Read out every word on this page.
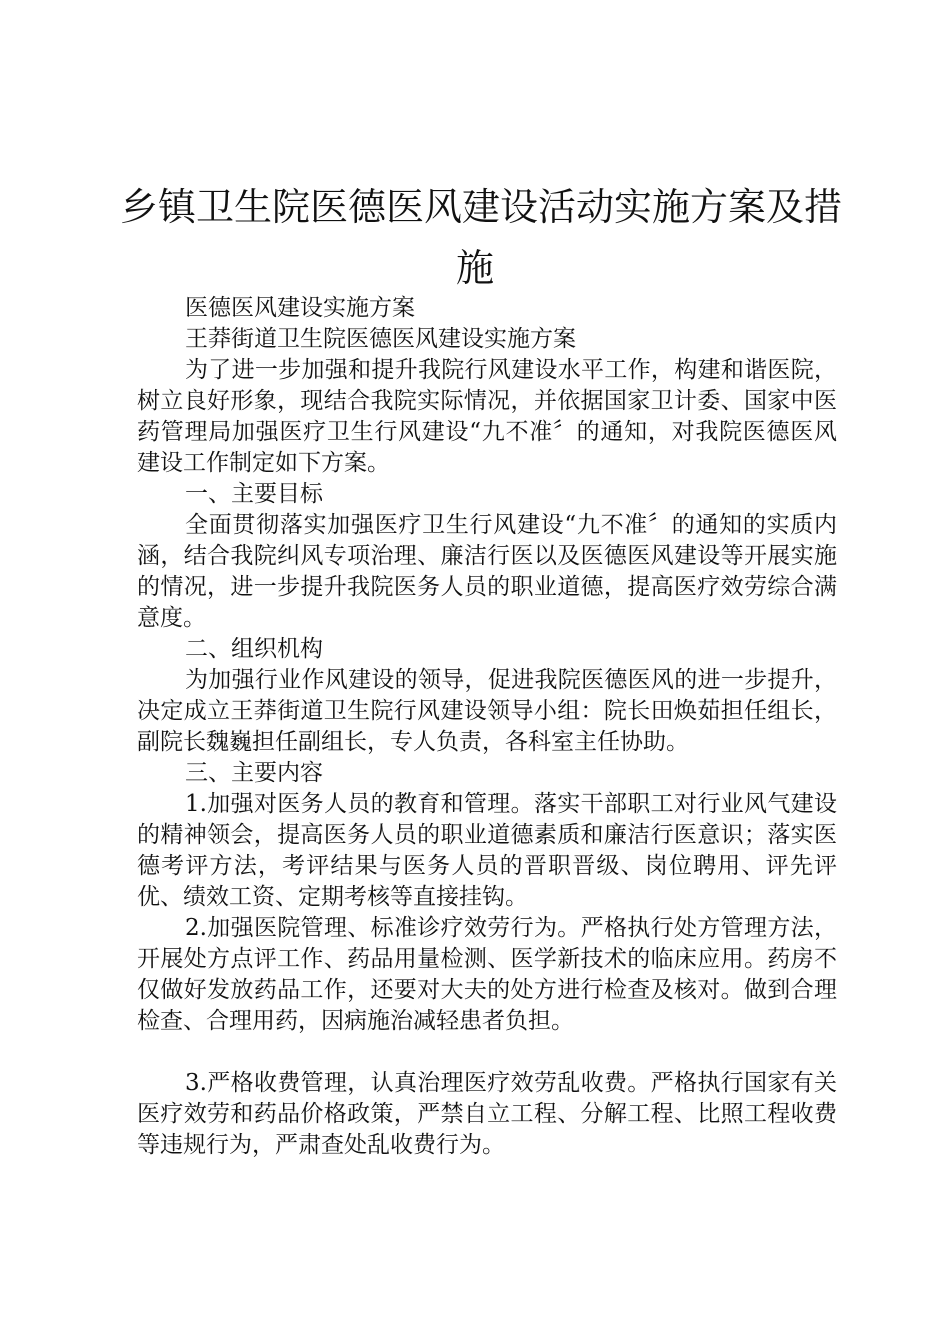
乡镇卫生院医德医风建设活动实施方案及措
施

医德医风建设实施方案

王莽街道卫生院医德医风建设实施方案

为了进一步加强和提升我院行风建设水平工作，构建和谐医院，树立良好形象，现结合我院实际情况，并依据国家卫计委、国家中医药管理局加强医疗卫生行风建设“九不准〞的通知，对我院医德医风建设工作制定如下方案。

一、主要目标

全面贯彻落实加强医疗卫生行风建设“九不准〞的通知的实质内涵，结合我院纠风专项治理、廉洁行医以及医德医风建设等开展实施的情况，进一步提升我院医务人员的职业道德，提高医疗效劳综合满意度。

二、组织机构

为加强行业作风建设的领导，促进我院医德医风的进一步提升，决定成立王莽街道卫生院行风建设领导小组：院长田焕茹担任组长，副院长魏巍担任副组长，专人负责，各科室主任协助。

三、主要内容

1.加强对医务人员的教育和管理。落实干部职工对行业风气建设的精神领会，提高医务人员的职业道德素质和廉洁行医意识；落实医德考评方法，考评结果与医务人员的晋职晋级、岗位聘用、评先评优、绩效工资、定期考核等直接挂钩。

2.加强医院管理、标准诊疗效劳行为。严格执行处方管理方法，开展处方点评工作、药品用量检测、医学新技术的临床应用。药房不仅做好发放药品工作，还要对大夫的处方进行检查及核对。做到合理检查、合理用药，因病施治减轻患者负担。

3.严格收费管理，认真治理医疗效劳乱收费。严格执行国家有关医疗效劳和药品价格政策，严禁自立工程、分解工程、比照工程收费等违规行为，严肃查处乱收费行为。
